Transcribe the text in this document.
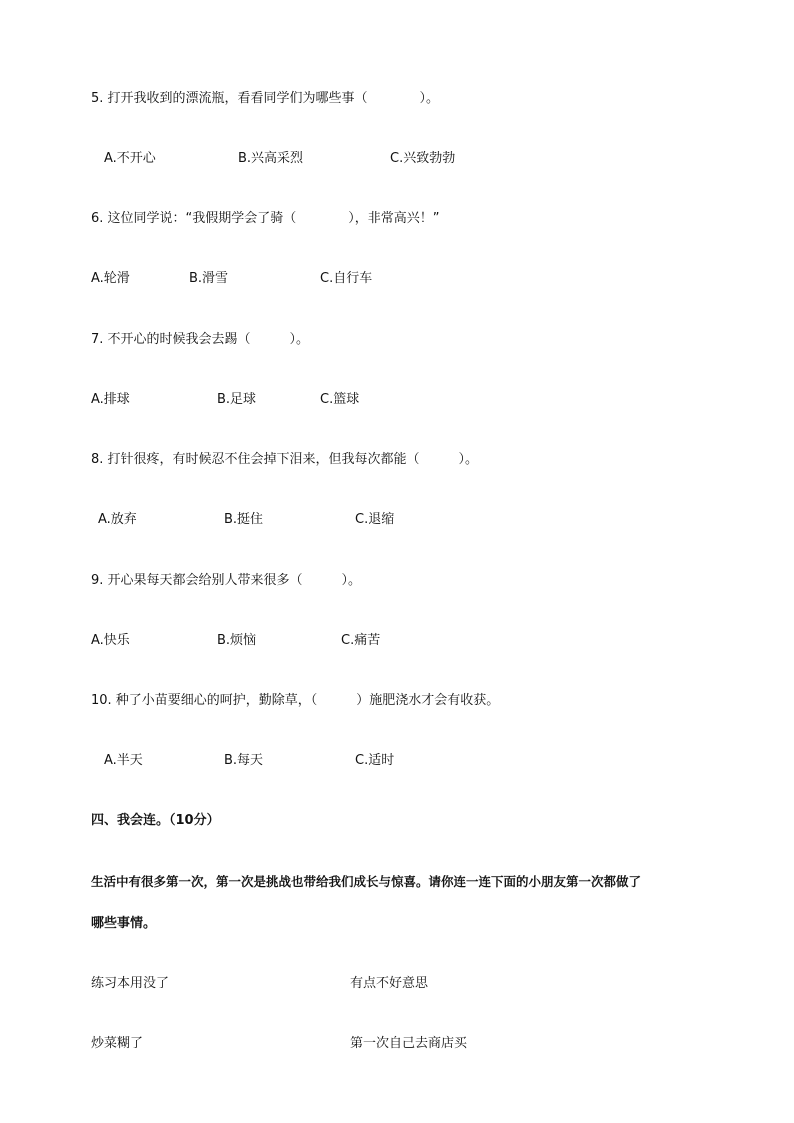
5. 打开我收到的漂流瓶，看看同学们为哪些事（　　　　）。
A.不开心	B.兴高采烈	C.兴致勃勃
6. 这位同学说：“我假期学会了骑（　　　　），非常高兴！”
A.轮滑	B.滑雪	C.自行车
7. 不开心的时候我会去踢（　　　）。
A.排球	B.足球	C.篮球
8. 打针很疼，有时候忍不住会掉下泪来，但我每次都能（　　　）。
A.放弃	B.挺住	C.退缩
9. 开心果每天都会给别人带来很多（　　　）。
A.快乐	B.烦恼	C.痛苦
10. 种了小苗要细心的呵护，勤除草，（　　　）施肥浇水才会有收获。
A.半天	B.每天	C.适时
四、我会连。（10分）
生活中有很多第一次，第一次是挑战也带给我们成长与惊喜。请你连一连下面的小朋友第一次都做了
哪些事情。
练习本用没了	有点不好意思
炒菜糊了	第一次自己去商店买
